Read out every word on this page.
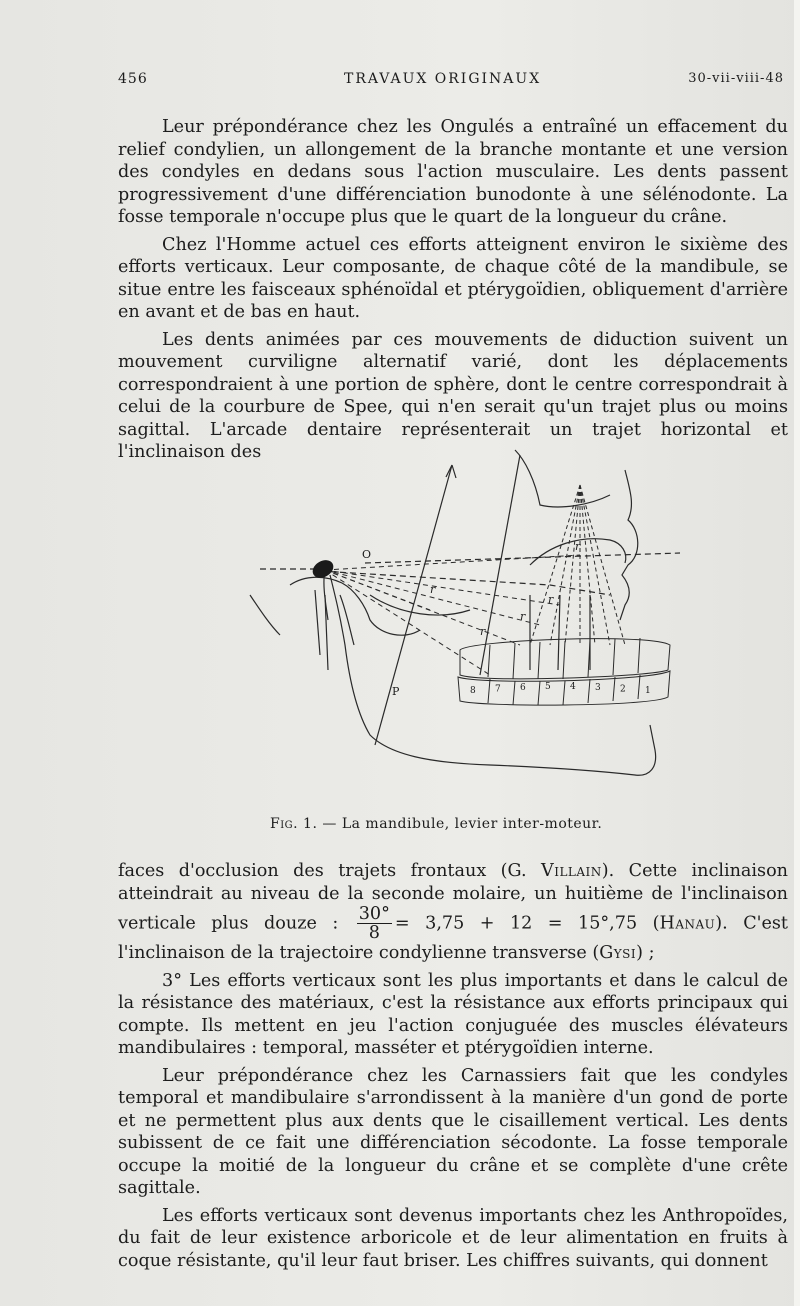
456	TRAVAUX ORIGINAUX	30-vii-viii-48

Leur prépondérance chez les Ongulés a entraîné un effacement du relief condylien, un allongement de la branche montante et une version des condyles en dedans sous l'action musculaire. Les dents passent progressivement d'une différenciation bunodonte à une sélénodonte. La fosse temporale n'occupe plus que le quart de la longueur du crâne.

Chez l'Homme actuel ces efforts atteignent environ le sixième des efforts verticaux. Leur composante, de chaque côté de la mandibule, se situe entre les faisceaux sphénoïdal et ptérygoïdien, obliquement d'arrière en avant et de bas en haut.

Les dents animées par ces mouvements de diduction suivent un mouvement curviligne alternatif varié, dont les déplacements correspondraient à une portion de sphère, dont le centre correspondrait à celui de la courbure de Spee, qui n'en serait qu'un trajet plus ou moins sagittal. L'arcade dentaire représenterait un trajet horizontal et l'inclinaison des

O
P
r
r
r
r
r
8 7 6 5 4 3 2 1
Fig. 1. — La mandibule, levier inter-moteur.

faces d'occlusion des trajets frontaux (G. Villain). Cette inclinaison atteindrait au niveau de la seconde molaire, un huitième de l'inclinaison verticale plus douze : $\frac{30^\circ}{8} = 3,75 + 12 = 15^\circ,75$ (Hanau). C'est l'inclinaison de la trajectoire condylienne transverse (Gysi) ;

3° Les efforts verticaux sont les plus importants et dans le calcul de la résistance des matériaux, c'est la résistance aux efforts principaux qui compte. Ils mettent en jeu l'action conjuguée des muscles élévateurs mandibulaires : temporal, masséter et ptérygoïdien interne.

Leur prépondérance chez les Carnassiers fait que les condyles temporal et mandibulaire s'arrondissent à la manière d'un gond de porte et ne permettent plus aux dents que le cisaillement vertical. Les dents subissent de ce fait une différenciation sécodonte. La fosse temporale occupe la moitié de la longueur du crâne et se complète d'une crête sagittale.

Les efforts verticaux sont devenus importants chez les Anthropoïdes, du fait de leur existence arboricole et de leur alimentation en fruits à coque résistante, qu'il leur faut briser. Les chiffres suivants, qui donnent
